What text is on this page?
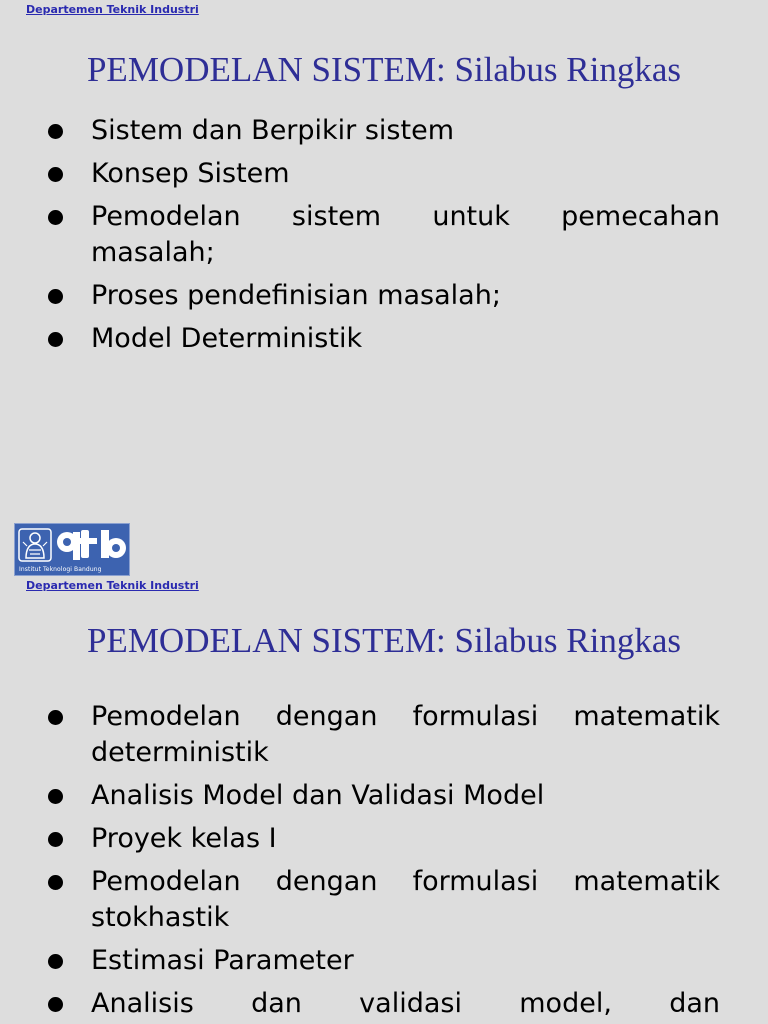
Departemen Teknik Industri
PEMODELAN SISTEM: Silabus Ringkas
Sistem dan Berpikir sistem
Konsep Sistem
Pemodelan sistem untuk pemecahan masalah;
Proses pendefinisian masalah;
Model Deterministik
Institut Teknologi Bandung
Departemen Teknik Industri
PEMODELAN SISTEM: Silabus Ringkas
Pemodelan dengan formulasi matematik deterministik
Analisis Model dan Validasi Model
Proyek kelas I
Pemodelan dengan formulasi matematik stokhastik
Estimasi Parameter
Analisis dan validasi model, dan
